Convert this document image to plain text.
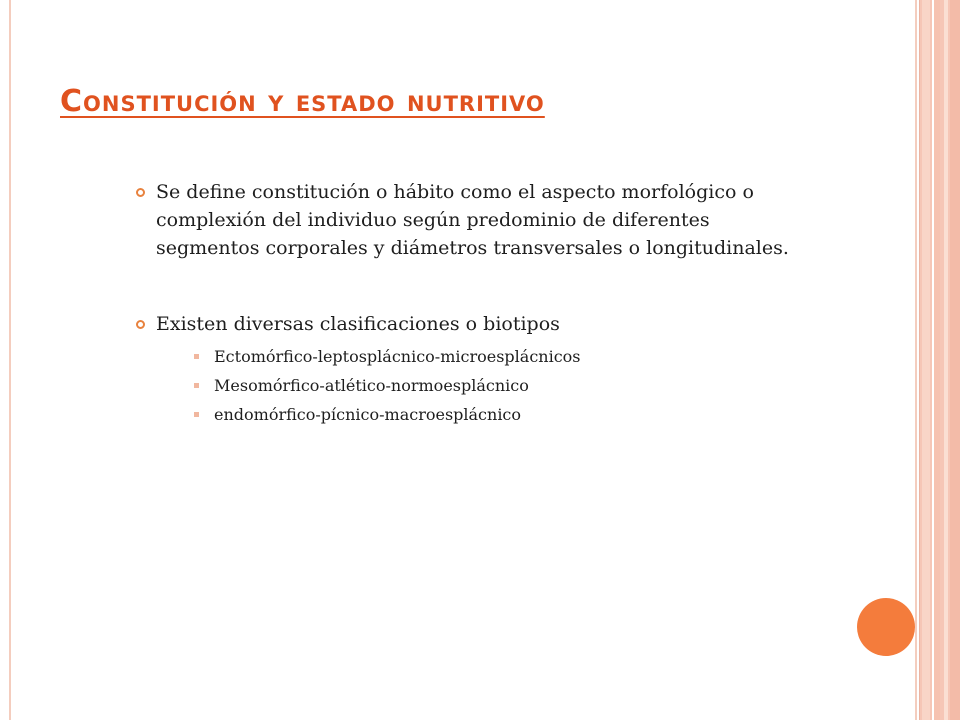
Constitución y estado nutritivo
Se define constitución o hábito como el aspecto morfológico o complexión del individuo según predominio de diferentes segmentos corporales y diámetros transversales o longitudinales.
Existen diversas clasificaciones o biotipos
Ectomórfico-leptosplácnico-microesplácnicos
Mesomórfico-atlético-normoesplácnico
endomórfico-pícnico-macroesplácnico
